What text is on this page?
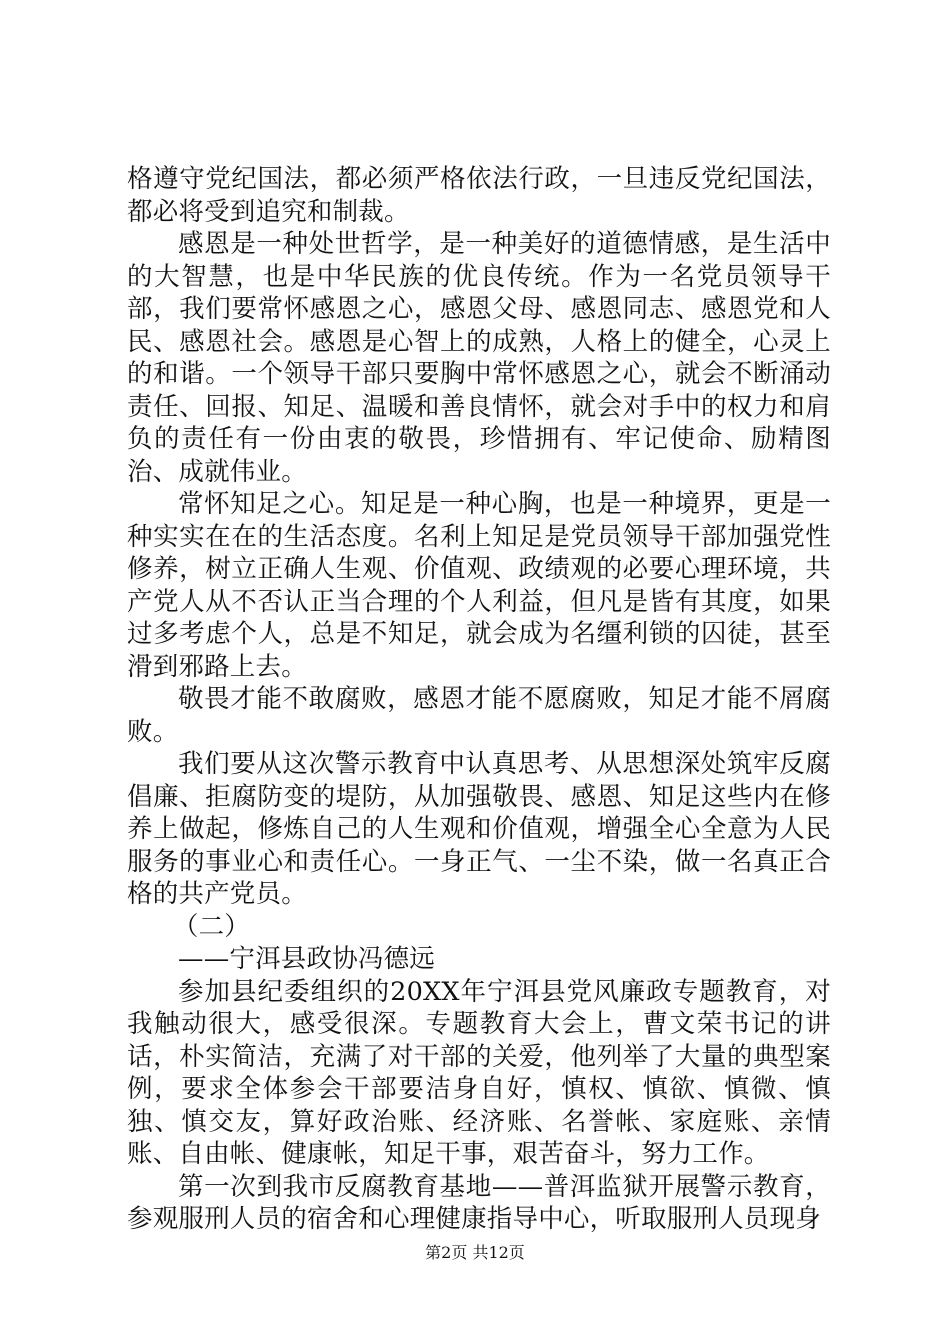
格遵守党纪国法，都必须严格依法行政，一旦违反党纪国法，都必将受到追究和制裁。

感恩是一种处世哲学，是一种美好的道德情感，是生活中的大智慧，也是中华民族的优良传统。作为一名党员领导干部，我们要常怀感恩之心，感恩父母、感恩同志、感恩党和人民、感恩社会。感恩是心智上的成熟，人格上的健全，心灵上的和谐。一个领导干部只要胸中常怀感恩之心，就会不断涌动责任、回报、知足、温暖和善良情怀，就会对手中的权力和肩负的责任有一份由衷的敬畏，珍惜拥有、牢记使命、励精图治、成就伟业。

常怀知足之心。知足是一种心胸，也是一种境界，更是一种实实在在的生活态度。名利上知足是党员领导干部加强党性修养，树立正确人生观、价值观、政绩观的必要心理环境，共产党人从不否认正当合理的个人利益，但凡是皆有其度，如果过多考虑个人，总是不知足，就会成为名缰利锁的囚徒，甚至滑到邪路上去。

敬畏才能不敢腐败，感恩才能不愿腐败，知足才能不屑腐败。

我们要从这次警示教育中认真思考、从思想深处筑牢反腐倡廉、拒腐防变的堤防，从加强敬畏、感恩、知足这些内在修养上做起，修炼自己的人生观和价值观，增强全心全意为人民服务的事业心和责任心。一身正气、一尘不染，做一名真正合格的共产党员。

（二）

——宁洱县政协冯德远

参加县纪委组织的20XX年宁洱县党风廉政专题教育，对我触动很大，感受很深。专题教育大会上，曹文荣书记的讲话，朴实简洁，充满了对干部的关爱，他列举了大量的典型案例，要求全体参会干部要洁身自好，慎权、慎欲、慎微、慎独、慎交友，算好政治账、经济账、名誉帐、家庭账、亲情账、自由帐、健康帐，知足干事，艰苦奋斗，努力工作。

第一次到我市反腐教育基地——普洱监狱开展警示教育，参观服刑人员的宿舍和心理健康指导中心，听取服刑人员现身

第2页 共12页
